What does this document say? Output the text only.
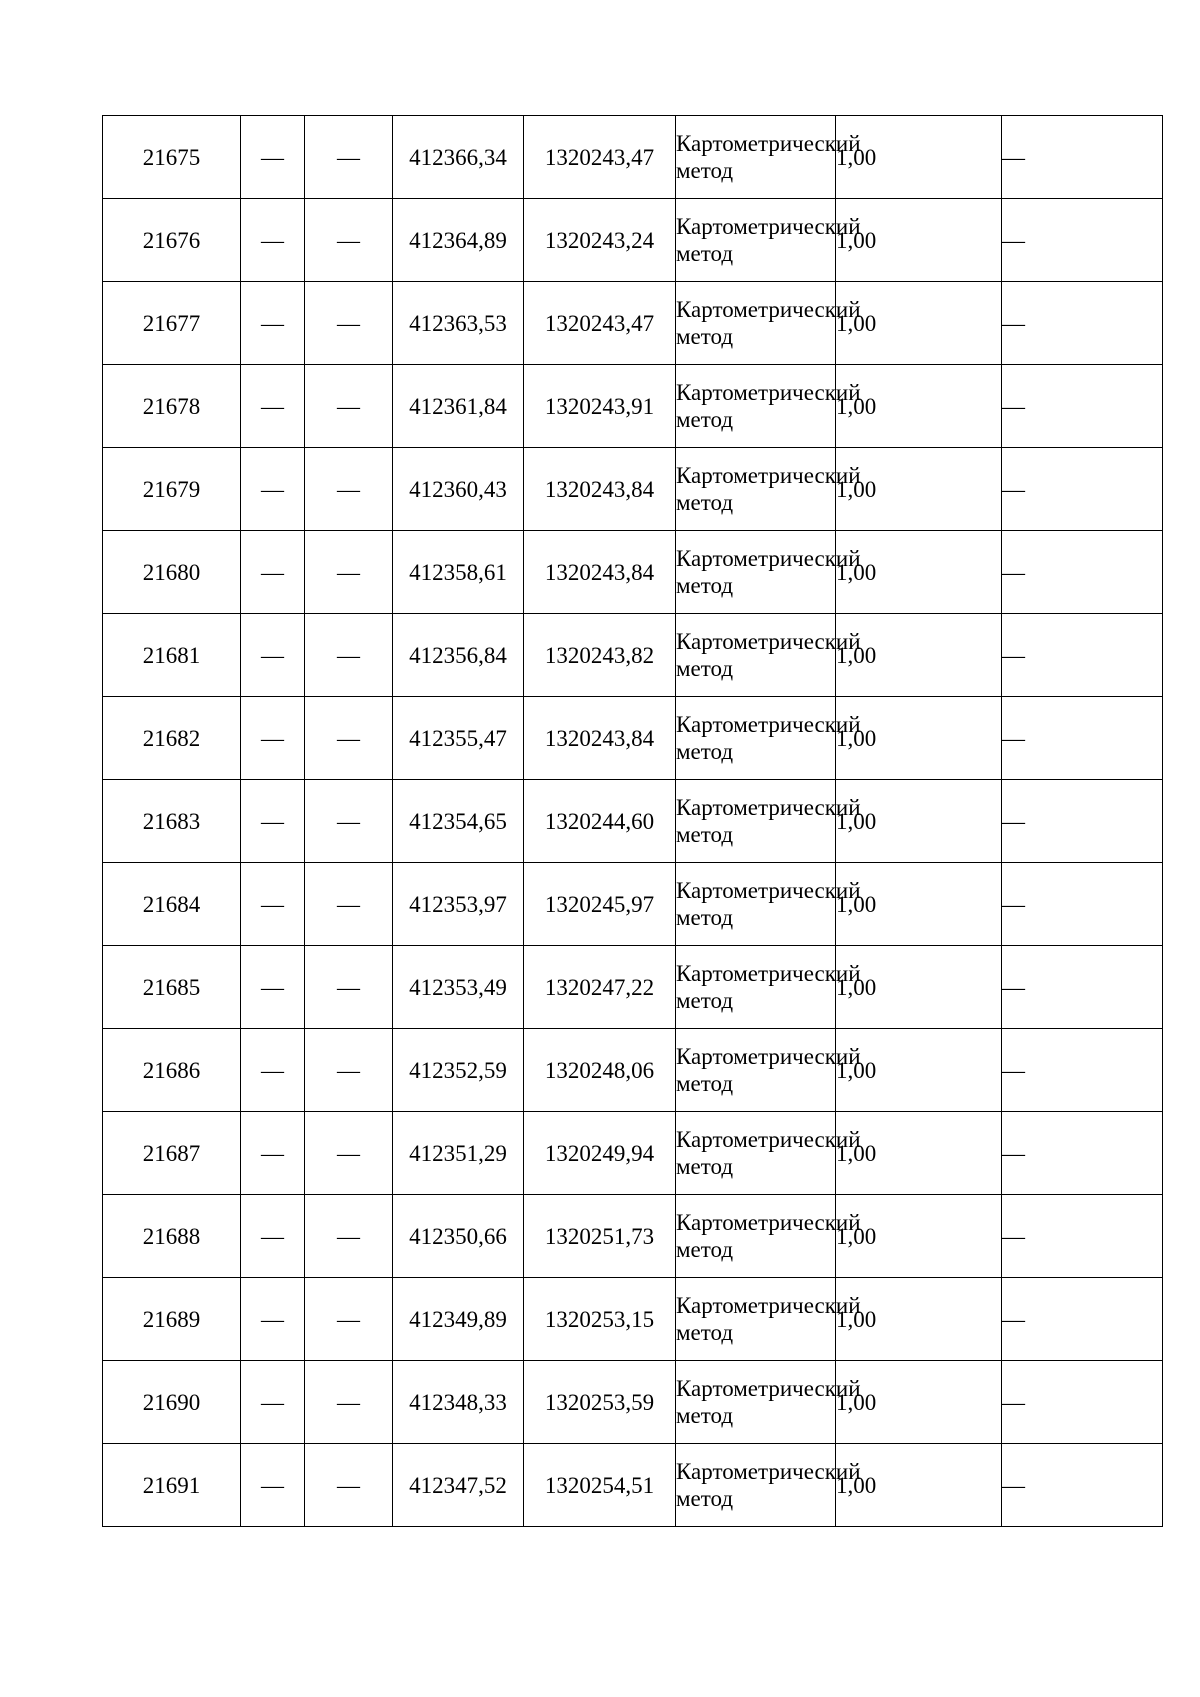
21675	—	—	412366,34	1320243,47	Картометрический метод	1,00	—
21676	—	—	412364,89	1320243,24	Картометрический метод	1,00	—
21677	—	—	412363,53	1320243,47	Картометрический метод	1,00	—
21678	—	—	412361,84	1320243,91	Картометрический метод	1,00	—
21679	—	—	412360,43	1320243,84	Картометрический метод	1,00	—
21680	—	—	412358,61	1320243,84	Картометрический метод	1,00	—
21681	—	—	412356,84	1320243,82	Картометрический метод	1,00	—
21682	—	—	412355,47	1320243,84	Картометрический метод	1,00	—
21683	—	—	412354,65	1320244,60	Картометрический метод	1,00	—
21684	—	—	412353,97	1320245,97	Картометрический метод	1,00	—
21685	—	—	412353,49	1320247,22	Картометрический метод	1,00	—
21686	—	—	412352,59	1320248,06	Картометрический метод	1,00	—
21687	—	—	412351,29	1320249,94	Картометрический метод	1,00	—
21688	—	—	412350,66	1320251,73	Картометрический метод	1,00	—
21689	—	—	412349,89	1320253,15	Картометрический метод	1,00	—
21690	—	—	412348,33	1320253,59	Картометрический метод	1,00	—
21691	—	—	412347,52	1320254,51	Картометрический метод	1,00	—
